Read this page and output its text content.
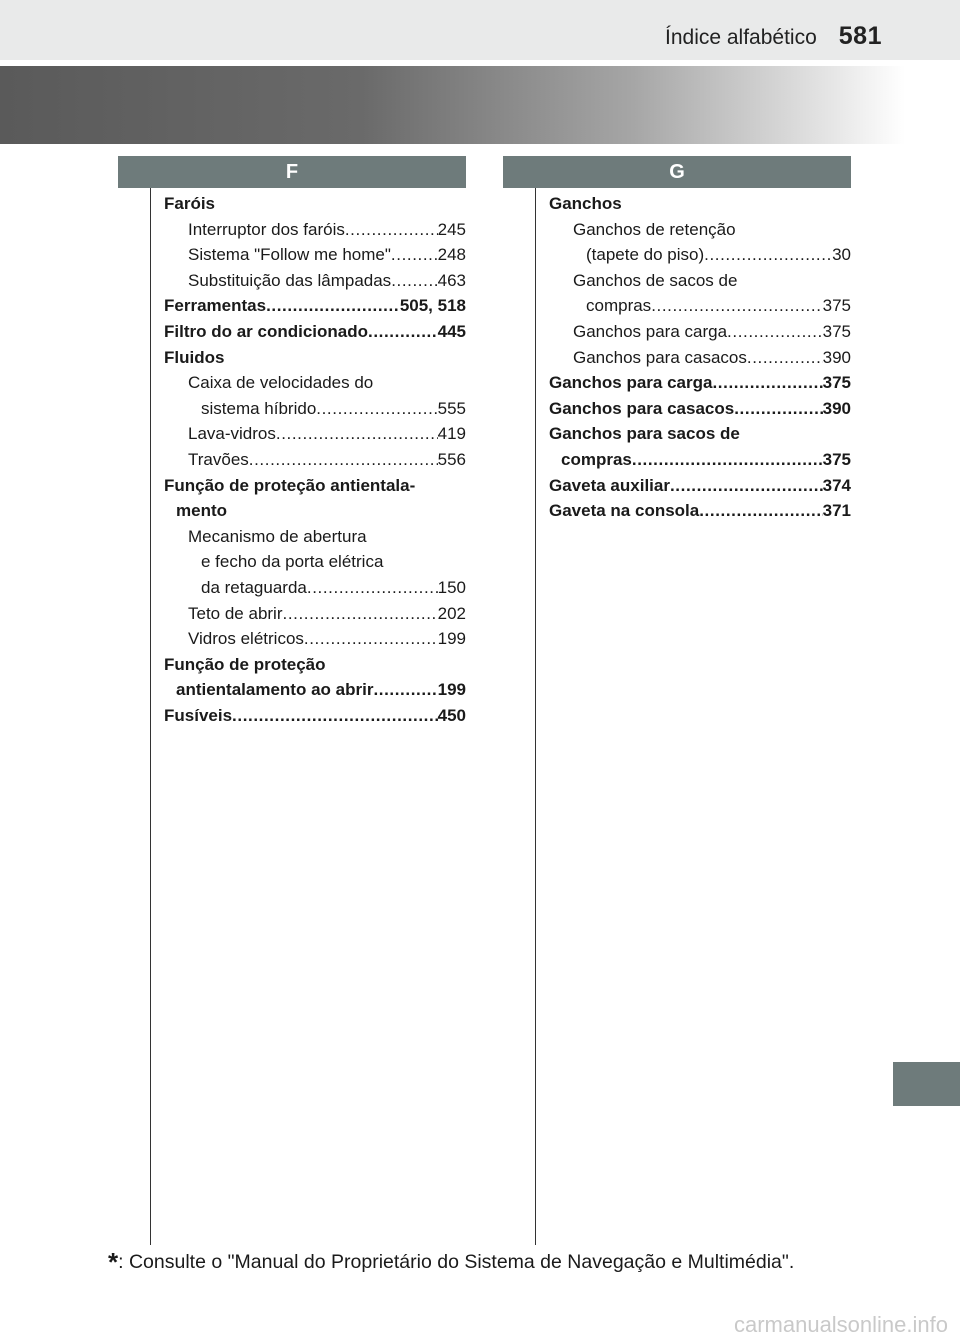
Índice alfabético 581
F	G
Faróis
Interruptor dos faróis .....	245
Sistema "Follow me home" .....	248
Substituição das lâmpadas .....	463
Ferramentas .....	505, 518
Filtro do ar condicionado .....	445
Fluidos
Caixa de velocidades do
sistema híbrido .....	555
Lava-vidros .....	419
Travões .....	556
Função de proteção antientala-
mento
Mecanismo de abertura
e fecho da porta elétrica
da retaguarda .....	150
Teto de abrir .....	202
Vidros elétricos .....	199
Função de proteção
antientalamento ao abrir .....	199
Fusíveis .....	450
Ganchos
Ganchos de retenção
(tapete do piso) .....	30
Ganchos de sacos de
compras .....	375
Ganchos para carga .....	375
Ganchos para casacos .....	390
Ganchos para carga .....	375
Ganchos para casacos .....	390
Ganchos para sacos de
compras .....	375
Gaveta auxiliar .....	374
Gaveta na consola .....	371
*: Consulte o "Manual do Proprietário do Sistema de Navegação e Multimédia".
carmanualsonline.info
